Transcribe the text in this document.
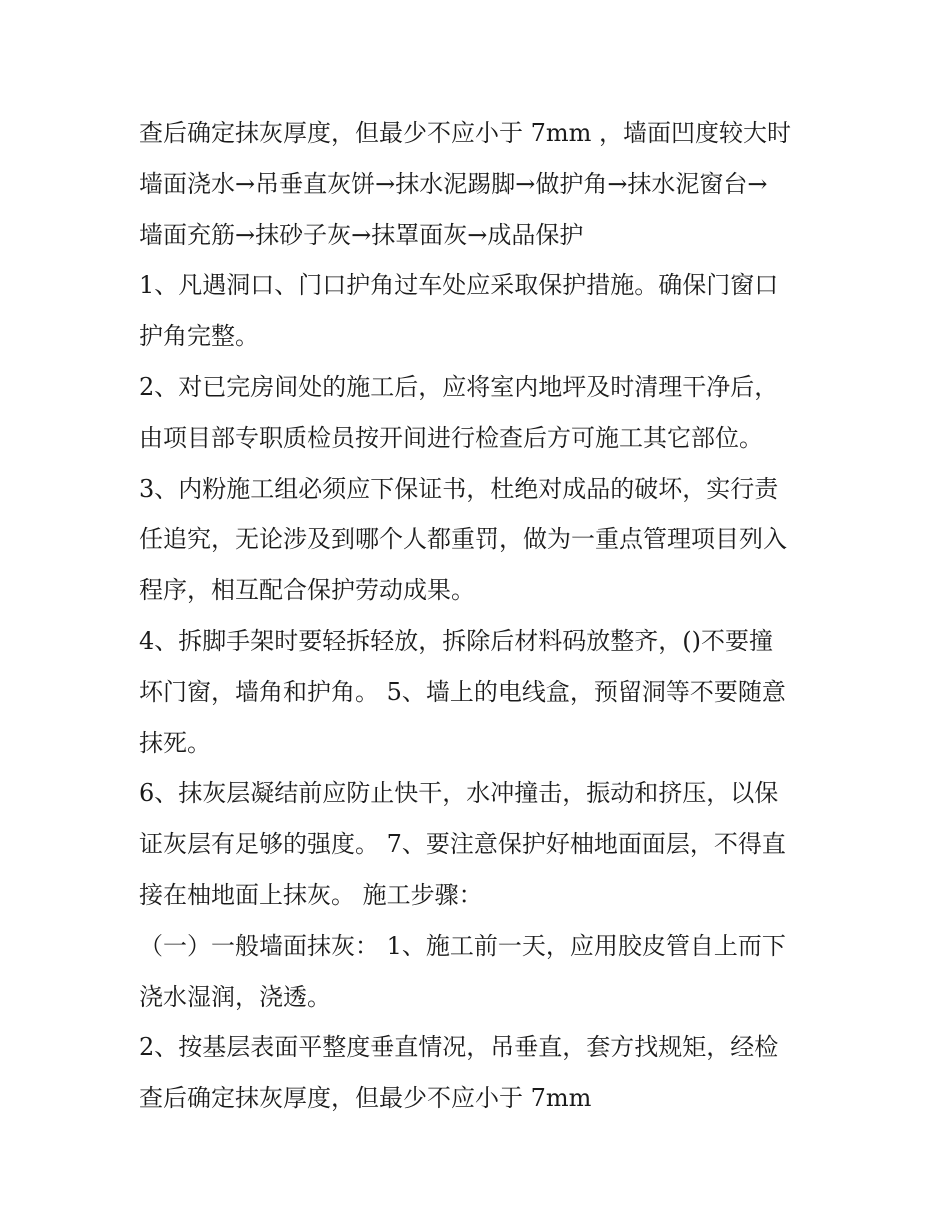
查后确定抹灰厚度，但最少不应小于 7mm ，墙面凹度较大时
墙面浇水→吊垂直灰饼→抹水泥踢脚→做护角→抹水泥窗台→
墙面充筋→抹砂子灰→抹罩面灰→成品保护
1、凡遇洞口、门口护角过车处应采取保护措施。确保门窗口
护角完整。
2、对已完房间处的施工后，应将室内地坪及时清理干净后，
由项目部专职质检员按开间进行检查后方可施工其它部位。
3、内粉施工组必须应下保证书，杜绝对成品的破坏，实行责
任追究，无论涉及到哪个人都重罚，做为一重点管理项目列入
程序，相互配合保护劳动成果。
4、拆脚手架时要轻拆轻放，拆除后材料码放整齐，()不要撞
坏门窗，墙角和护角。 5、墙上的电线盒，预留洞等不要随意
抹死。
6、抹灰层凝结前应防止快干，水冲撞击，振动和挤压，以保
证灰层有足够的强度。 7、要注意保护好柚地面面层，不得直
接在柚地面上抹灰。 施工步骤：
（一）一般墙面抹灰： 1、施工前一天，应用胶皮管自上而下
浇水湿润，浇透。
2、按基层表面平整度垂直情况，吊垂直，套方找规矩，经检
查后确定抹灰厚度，但最少不应小于 7mm
